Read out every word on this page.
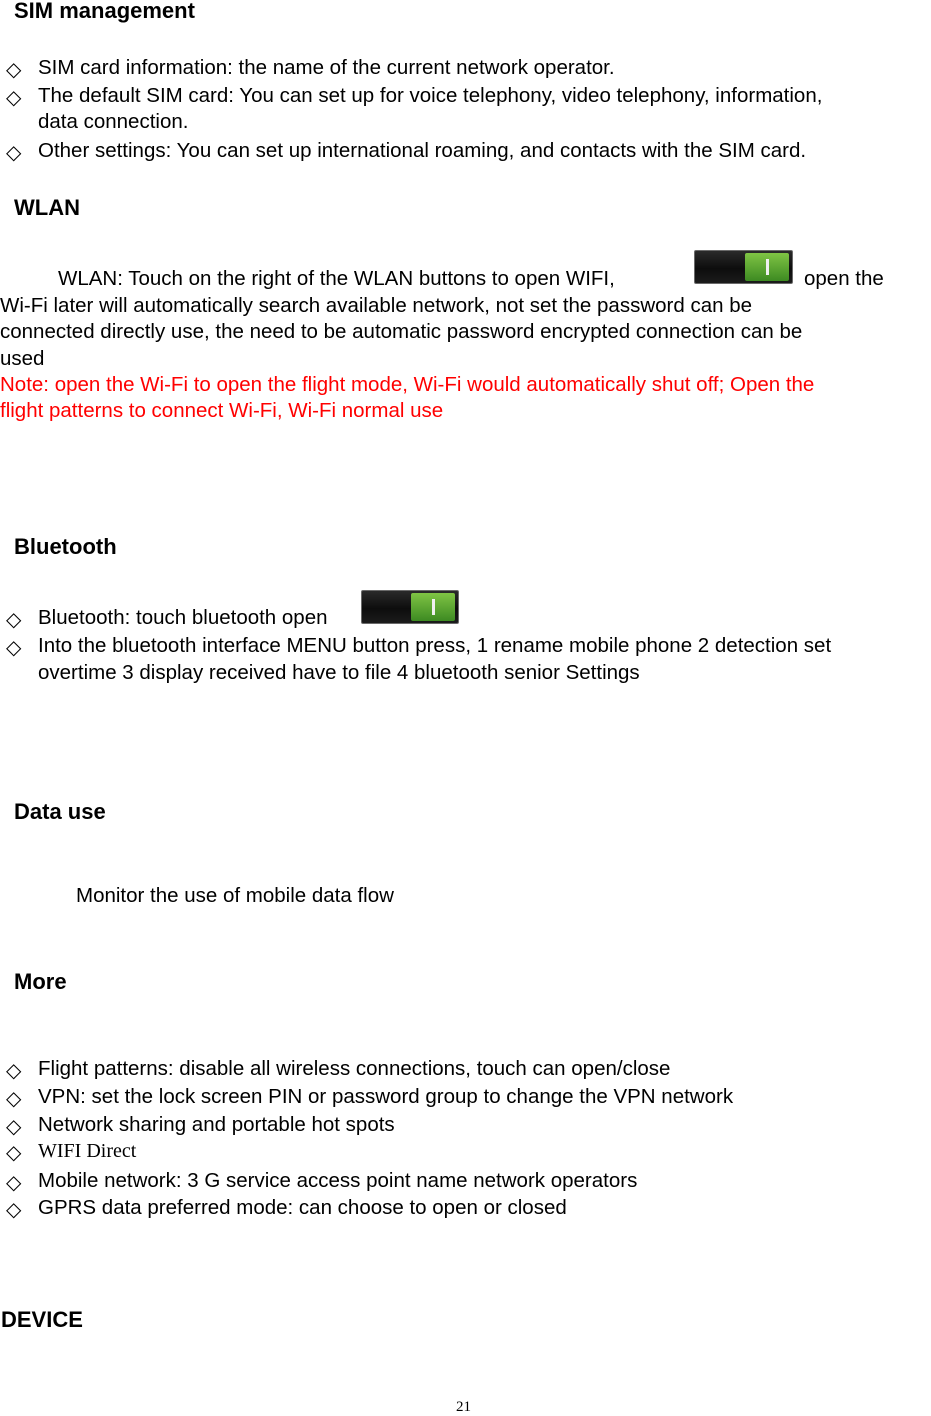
SIM management
◇ SIM card information: the name of the current network operator.
◇ The default SIM card: You can set up for voice telephony, video telephony, information,
data connection.
◇ Other settings: You can set up international roaming, and contacts with the SIM card.
WLAN
WLAN: Touch on the right of the WLAN buttons to open WIFI,	open the
Wi-Fi later will automatically search available network, not set the password can be
connected directly use, the need to be automatic password encrypted connection can be
used
Note: open the Wi-Fi to open the flight mode, Wi-Fi would automatically shut off; Open the
flight patterns to connect Wi-Fi, Wi-Fi normal use
Bluetooth
◇ Bluetooth: touch bluetooth open
◇ Into the bluetooth interface MENU button press, 1 rename mobile phone 2 detection set
overtime 3 display received have to file 4 bluetooth senior Settings
Data use
Monitor the use of mobile data flow
More
◇ Flight patterns: disable all wireless connections, touch can open/close
◇ VPN: set the lock screen PIN or password group to change the VPN network
◇ Network sharing and portable hot spots
◇ WIFI Direct
◇ Mobile network: 3 G service access point name network operators
◇ GPRS data preferred mode: can choose to open or closed
DEVICE
21
